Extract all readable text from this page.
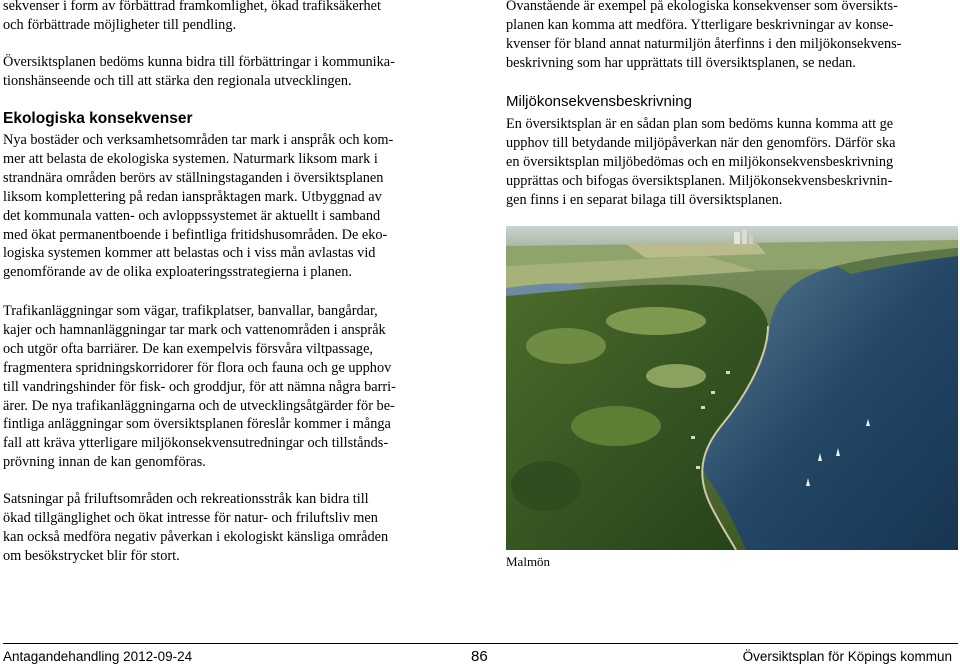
sekvenser i form av förbättrad framkomlighet, ökad trafiksäkerhet
och förbättrade möjligheter till pendling.

Översiktsplanen bedöms kunna bidra till förbättringar i kommunika-
tionshänseende och till att stärka den regionala utvecklingen.

Ekologiska konsekvenser

Nya bostäder och verksamhetsområden tar mark i anspråk och kom-
mer att belasta de ekologiska systemen. Naturmark liksom mark i
strandnära områden berörs av ställningstaganden i översiktsplanen
liksom komplettering på redan ianspråktagen mark. Utbyggnad av
det kommunala vatten- och avloppssystemet är aktuellt i samband
med ökat permanentboende i befintliga fritidshusområden. De eko-
logiska systemen kommer att belastas och i viss mån avlastas vid
genomförande av de olika exploateringsstrategierna i planen.

Trafikanläggningar som vägar, trafikplatser, banvallar, bangårdar,
kajer och hamnanläggningar tar mark och vattenområden i anspråk
och utgör ofta barriärer. De kan exempelvis försvåra viltpassage,
fragmentera spridningskorridorer för flora och fauna och ge upphov
till vandringshinder för fisk- och groddjur, för att nämna några barri-
ärer. De nya trafikanläggningarna och de utvecklingsåtgärder för be-
fintliga anläggningar som översiktsplanen föreslår kommer i många
fall att kräva ytterligare miljökonsekvensutredningar och tillstånds-
prövning innan de kan genomföras.

Satsningar på friluftsområden och rekreationsstråk kan bidra till
ökad tillgänglighet och ökat intresse för natur- och friluftsliv men
kan också medföra negativ påverkan i ekologiskt känsliga områden
om besökstrycket blir för stort.

Ovanstående är exempel på ekologiska konsekvenser som översikts-
planen kan komma att medföra. Ytterligare beskrivningar av konse-
kvenser för bland annat naturmiljön återfinns i den miljökonsekvens-
beskrivning som har upprättats till översiktsplanen, se nedan.

Miljökonsekvensbeskrivning

En översiktsplan är en sådan plan som bedöms kunna komma att ge
upphov till betydande miljöpåverkan när den genomförs. Därför ska
en översiktsplan miljöbedömas och en miljökonsekvensbeskrivning
upprättas och bifogas översiktsplanen. Miljökonsekvensbeskrivnin-
gen finns i en separat bilaga till översiktsplanen.

Malmön

Antagandehandling 2012-09-24	86	Översiktsplan för Köpings kommun
